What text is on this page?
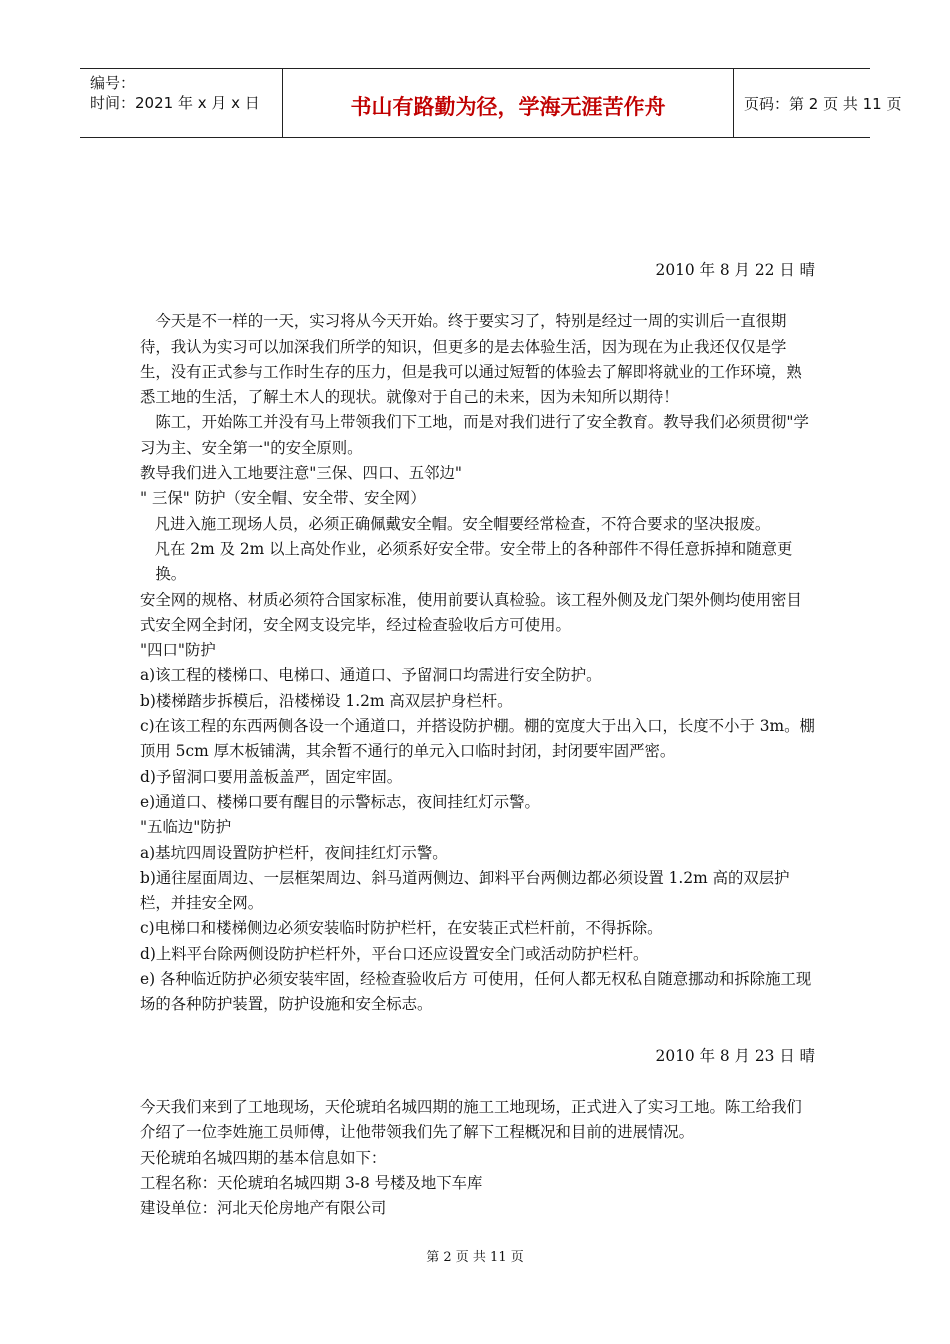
编号：
时间：2021 年 x 月 x 日	书山有路勤为径，学海无涯苦作舟	页码：第 2 页 共 11 页

2010 年 8 月 22 日 晴

今天是不一样的一天，实习将从今天开始。终于要实习了，特别是经过一周的实训后一直很期待，我认为实习可以加深我们所学的知识，但更多的是去体验生活，因为现在为止我还仅仅是学生，没有正式参与工作时生存的压力，但是我可以通过短暂的体验去了解即将就业的工作环境，熟悉工地的生活，了解土木人的现状。就像对于自己的未来，因为未知所以期待！

陈工，开始陈工并没有马上带领我们下工地，而是对我们进行了安全教育。教导我们必须贯彻"学习为主、安全第一"的安全原则。

教导我们进入工地要注意"三保、四口、五邻边"

" 三保" 防护（安全帽、安全带、安全网）

凡进入施工现场人员，必须正确佩戴安全帽。安全帽要经常检查，不符合要求的坚决报废。

凡在 2m 及 2m 以上高处作业，必须系好安全带。安全带上的各种部件不得任意拆掉和随意更换。

安全网的规格、材质必须符合国家标准，使用前要认真检验。该工程外侧及龙门架外侧均使用密目式安全网全封闭，安全网支设完毕，经过检查验收后方可使用。

"四口"防护

a)该工程的楼梯口、电梯口、通道口、予留洞口均需进行安全防护。

b)楼梯踏步拆模后，沿楼梯设 1.2m 高双层护身栏杆。

c)在该工程的东西两侧各设一个通道口，并搭设防护棚。棚的宽度大于出入口，长度不小于 3m。棚顶用 5cm 厚木板铺满，其余暂不通行的单元入口临时封闭，封闭要牢固严密。

d)予留洞口要用盖板盖严，固定牢固。

e)通道口、楼梯口要有醒目的示警标志，夜间挂红灯示警。

"五临边"防护

a)基坑四周设置防护栏杆，夜间挂红灯示警。

b)通往屋面周边、一层框架周边、斜马道两侧边、卸料平台两侧边都必须设置 1.2m 高的双层护栏，并挂安全网。

c)电梯口和楼梯侧边必须安装临时防护栏杆，在安装正式栏杆前，不得拆除。

d)上料平台除两侧设防护栏杆外，平台口还应设置安全门或活动防护栏杆。

e) 各种临近防护必须安装牢固，经检查验收后方 可使用，任何人都无权私自随意挪动和拆除施工现场的各种防护装置，防护设施和安全标志。

2010 年 8 月 23 日 晴

今天我们来到了工地现场，天伦琥珀名城四期的施工工地现场，正式进入了实习工地。陈工给我们介绍了一位李姓施工员师傅，让他带领我们先了解下工程概况和目前的进展情况。

天伦琥珀名城四期的基本信息如下：

工程名称：天伦琥珀名城四期 3-8 号楼及地下车库

建设单位：河北天伦房地产有限公司

第 2 页 共 11 页
